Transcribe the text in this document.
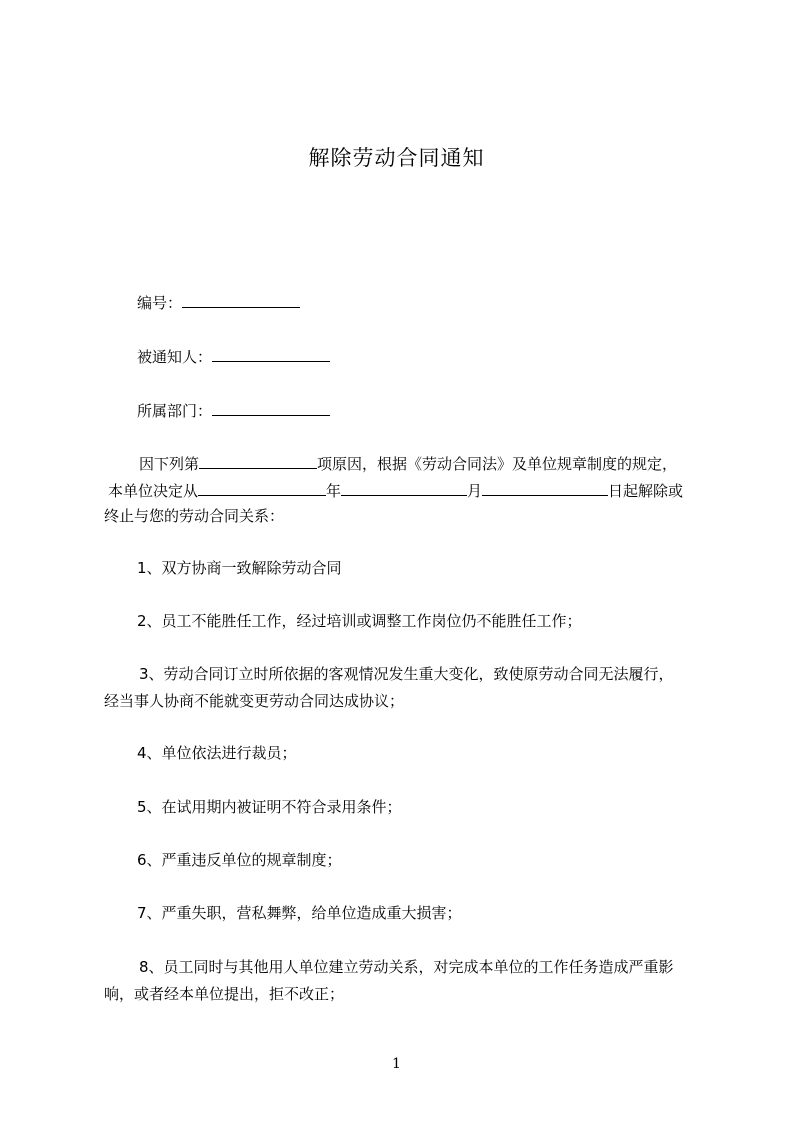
解除劳动合同通知
编号：
被通知人：
所属部门：
因下列第	项原因，根据《劳动合同法》及单位规章制度的规定，
本单位决定从	年	月	日起解除或
终止与您的劳动合同关系：
1、双方协商一致解除劳动合同
2、员工不能胜任工作，经过培训或调整工作岗位仍不能胜任工作；
3、劳动合同订立时所依据的客观情况发生重大变化，致使原劳动合同无法履行，
经当事人协商不能就变更劳动合同达成协议；
4、单位依法进行裁员；
5、在试用期内被证明不符合录用条件；
6、严重违反单位的规章制度；
7、严重失职，营私舞弊，给单位造成重大损害；
8、员工同时与其他用人单位建立劳动关系，对完成本单位的工作任务造成严重影
响，或者经本单位提出，拒不改正；
1
